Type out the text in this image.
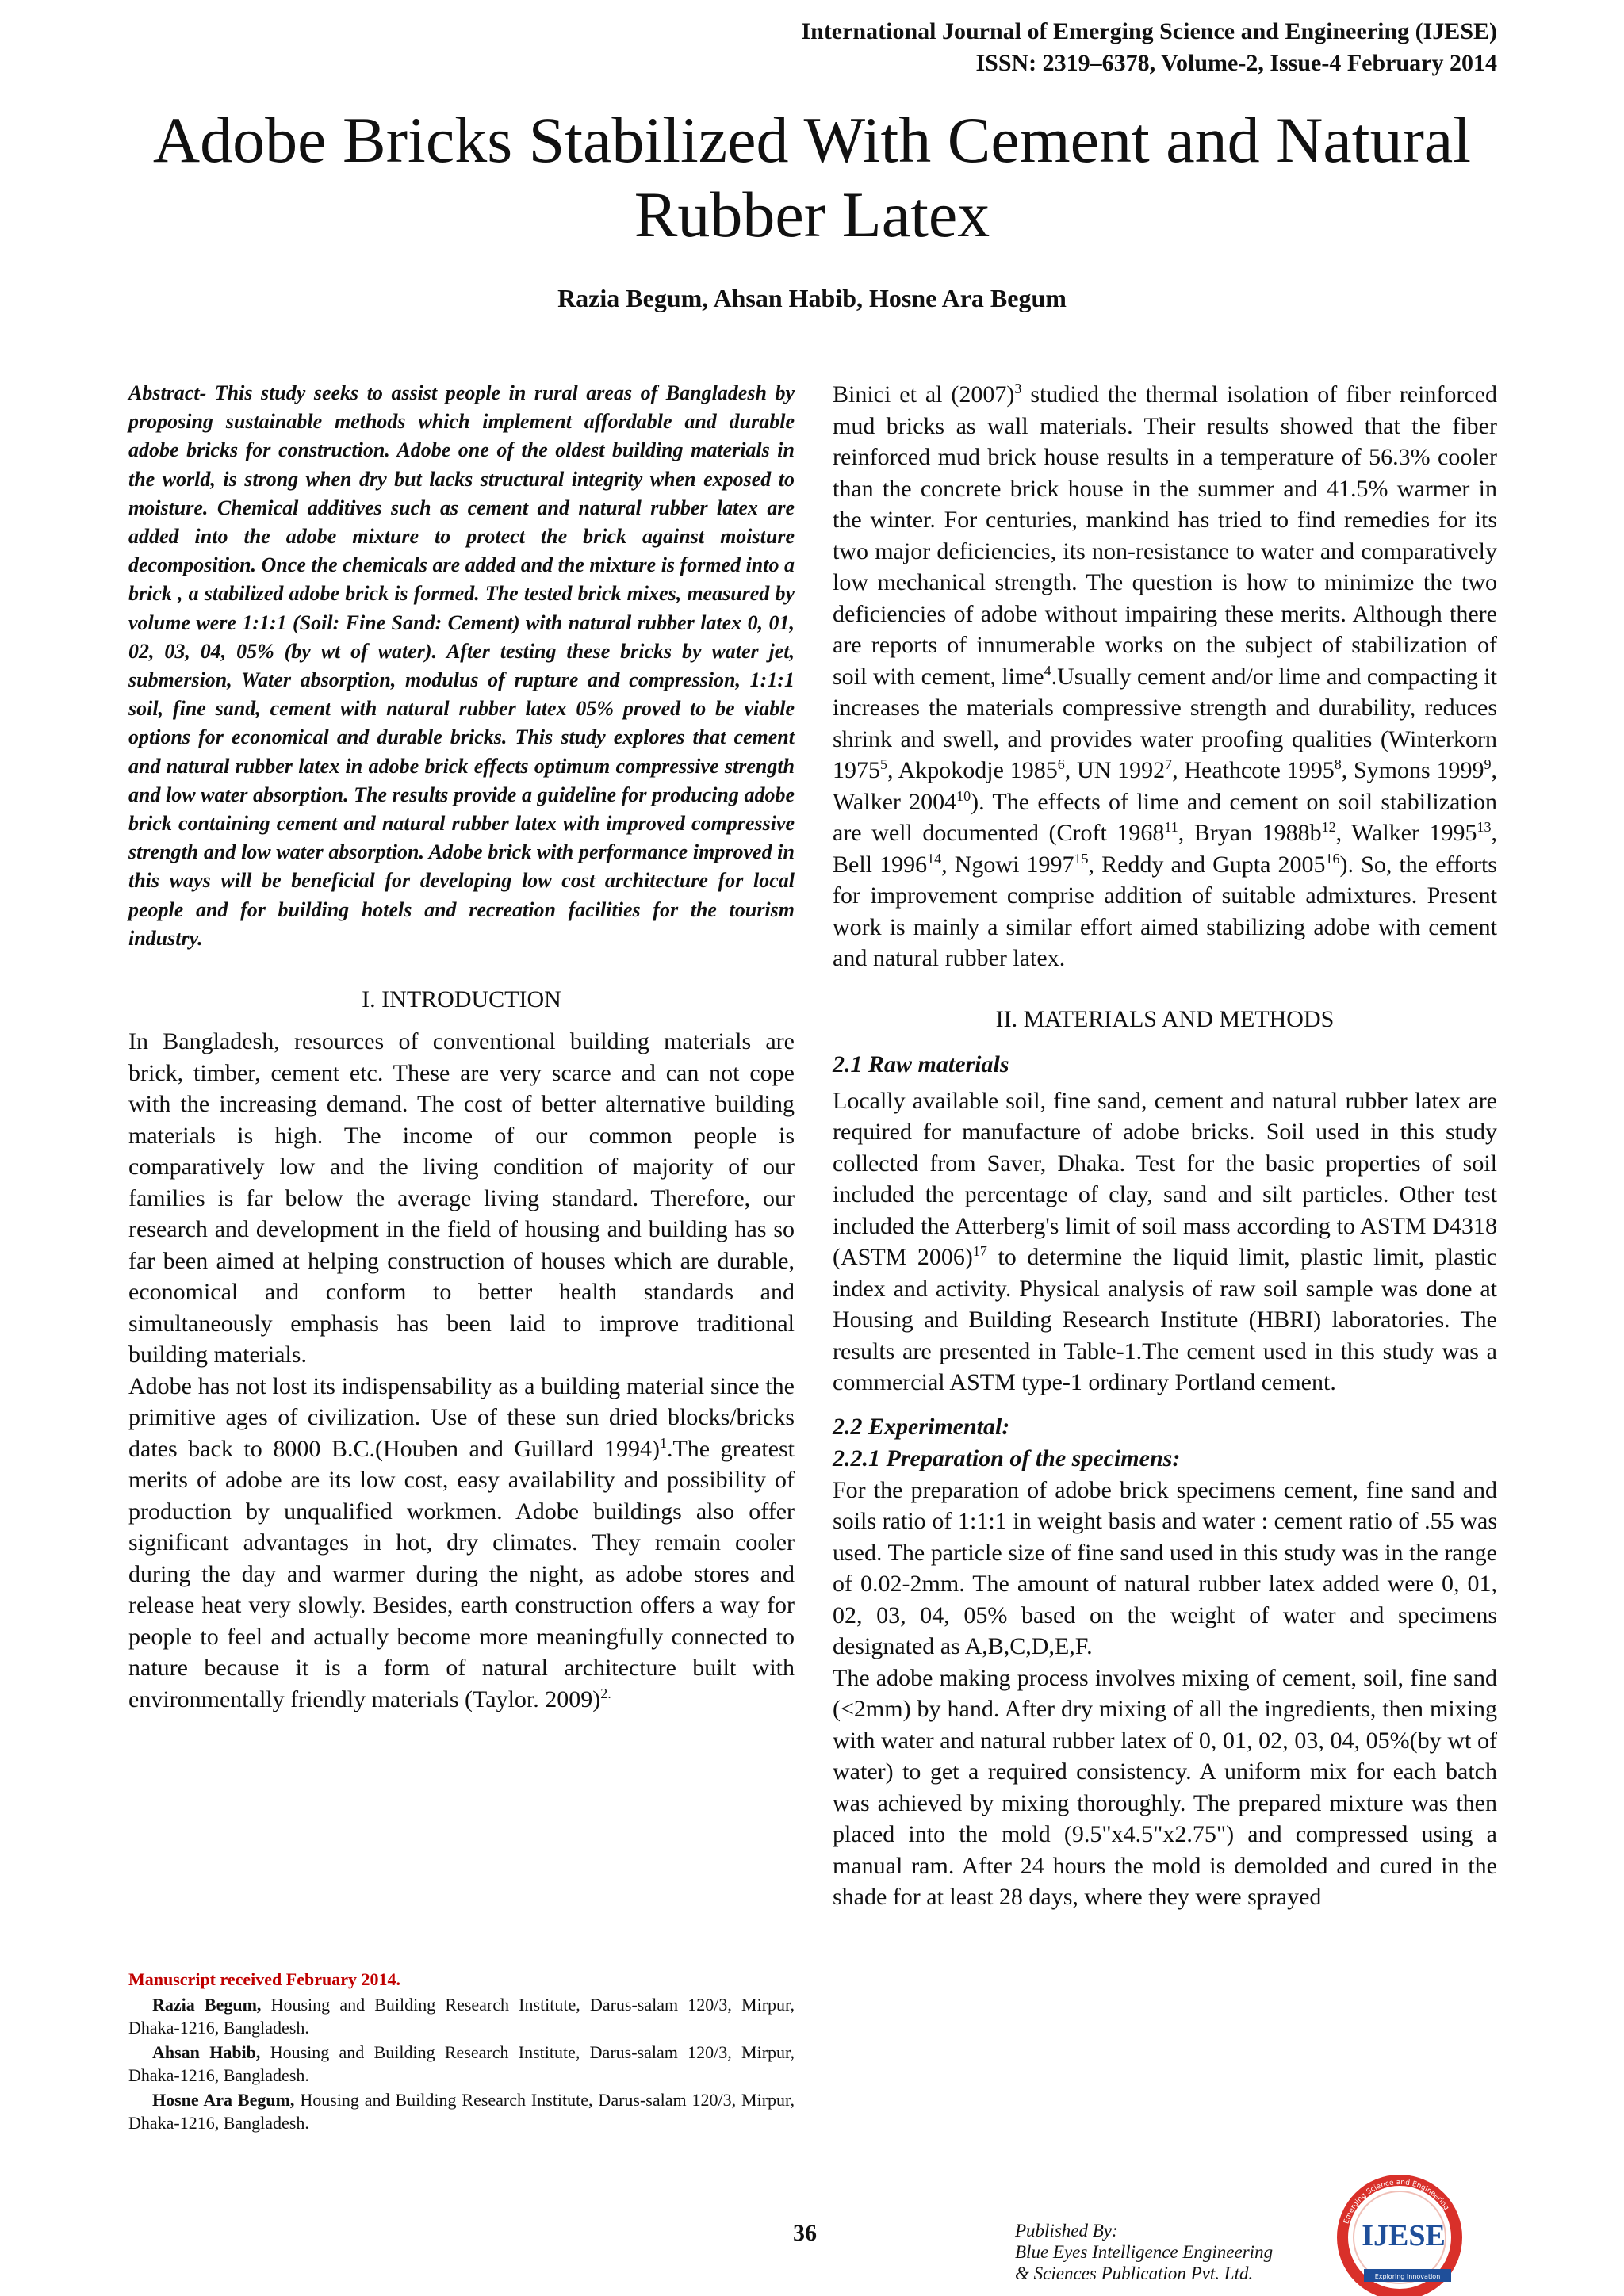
International Journal of Emerging Science and Engineering (IJESE)
ISSN: 2319–6378, Volume-2, Issue-4 February 2014
Adobe Bricks Stabilized With Cement and Natural
Rubber Latex
Razia Begum, Ahsan Habib, Hosne Ara Begum

Abstract- This study seeks to assist people in rural areas of Bangladesh by proposing sustainable methods which implement affordable and durable adobe bricks for construction. Adobe one of the oldest building materials in the world, is strong when dry but lacks structural integrity when exposed to moisture. Chemical additives such as cement and natural rubber latex are added into the adobe mixture to protect the brick against moisture decomposition. Once the chemicals are added and the mixture is formed into a brick , a stabilized adobe brick is formed. The tested brick mixes, measured by volume were 1:1:1 (Soil: Fine Sand: Cement) with natural rubber latex 0, 01, 02, 03, 04, 05% (by wt of water). After testing these bricks by water jet, submersion, Water absorption, modulus of rupture and compression, 1:1:1 soil, fine sand, cement with natural rubber latex 05% proved to be viable options for economical and durable bricks. This study explores that cement and natural rubber latex in adobe brick effects optimum compressive strength and low water absorption. The results provide a guideline for producing adobe brick containing cement and natural rubber latex with improved compressive strength and low water absorption. Adobe brick with performance improved in this ways will be beneficial for developing low cost architecture for local people and for building hotels and recreation facilities for the tourism industry.

I. INTRODUCTION

In Bangladesh, resources of conventional building materials are brick, timber, cement etc. These are very scarce and can not cope with the increasing demand. The cost of better alternative building materials is high. The income of our common people is comparatively low and the living condition of majority of our families is far below the average living standard. Therefore, our research and development in the field of housing and building has so far been aimed at helping construction of houses which are durable, economical and conform to better health standards and simultaneously emphasis has been laid to improve traditional building materials.

Adobe has not lost its indispensability as a building material since the primitive ages of civilization. Use of these sun dried blocks/bricks dates back to 8000 B.C.(Houben and Guillard 1994)$^1$.The greatest merits of adobe are its low cost, easy availability and possibility of production by unqualified workmen. Adobe buildings also offer significant advantages in hot, dry climates. They remain cooler during the day and warmer during the night, as adobe stores and release heat very slowly. Besides, earth construction offers a way for people to feel and actually become more meaningfully connected to nature because it is a form of natural architecture built with environmentally friendly materials (Taylor. 2009)$^{2.}$

Manuscript received February 2014.

Razia Begum, Housing and Building Research Institute, Darus-salam 120/3, Mirpur, Dhaka-1216, Bangladesh.

Ahsan Habib, Housing and Building Research Institute, Darus-salam 120/3, Mirpur, Dhaka-1216, Bangladesh.

Hosne Ara Begum, Housing and Building Research Institute, Darus-salam 120/3, Mirpur, Dhaka-1216, Bangladesh.

Binici et al $(2007)^3$ studied the thermal isolation of fiber reinforced mud bricks as wall materials. Their results showed that the fiber reinforced mud brick house results in a temperature of 56.3% cooler than the concrete brick house in the summer and 41.5% warmer in the winter. For centuries, mankind has tried to find remedies for its two major deficiencies, its non-resistance to water and comparatively low mechanical strength. The question is how to minimize the two deficiencies of adobe without impairing these merits. Although there are reports of innumerable works on the subject of stabilization of soil with cement, lime$^4$.Usually cement and/or lime and compacting it increases the materials compressive strength and durability, reduces shrink and swell, and provides water proofing qualities (Winterkorn 1975$^5$, Akpokodje 1985$^6$, UN 1992$^7$, Heathcote 1995$^8$, Symons 1999$^9$, Walker 2004$^{10}$). The effects of lime and cement on soil stabilization are well documented (Croft 1968$^{11}$, Bryan $1988b^{12}$, Walker 1995$^{13}$, Bell 1996$^{14}$, Ngowi 1997$^{15}$, Reddy and Gupta 2005$^{16}$). So, the efforts for improvement comprise addition of suitable admixtures. Present work is mainly a similar effort aimed stabilizing adobe with cement and natural rubber latex.

II. MATERIALS AND METHODS

2.1 Raw materials

Locally available soil, fine sand, cement and natural rubber latex are required for manufacture of adobe bricks. Soil used in this study collected from Saver, Dhaka. Test for the basic properties of soil included the percentage of clay, sand and silt particles. Other test included the Atterberg's limit of soil mass according to ASTM D4318 (ASTM 2006)$^{17}$ to determine the liquid limit, plastic limit, plastic index and activity. Physical analysis of raw soil sample was done at Housing and Building Research Institute (HBRI) laboratories. The results are presented in Table-1.The cement used in this study was a commercial ASTM type-1 ordinary Portland cement.

2.2 Experimental:

2.2.1 Preparation of the specimens:

For the preparation of adobe brick specimens cement, fine sand and soils ratio of 1:1:1 in weight basis and water : cement ratio of .55 was used. The particle size of fine sand used in this study was in the range of 0.02-2mm. The amount of natural rubber latex added were 0, 01, 02, 03, 04, 05% based on the weight of water and specimens designated as A,B,C,D,E,F.

The adobe making process involves mixing of cement, soil, fine sand (<2mm) by hand. After dry mixing of all the ingredients, then mixing with water and natural rubber latex of 0, 01, 02, 03, 04, 05%(by wt of water) to get a required consistency. A uniform mix for each batch was achieved by mixing thoroughly. The prepared mixture was then placed into the mold (9.5"x4.5"x2.75") and compressed using a manual ram. After 24 hours the mold is demolded and cured in the shade for at least 28 days, where they were sprayed

36	Published By:
Blue Eyes Intelligence Engineering
& Sciences Publication Pvt. Ltd.
Emerging Science and Engineering
IJESE
Exploring Innovation
